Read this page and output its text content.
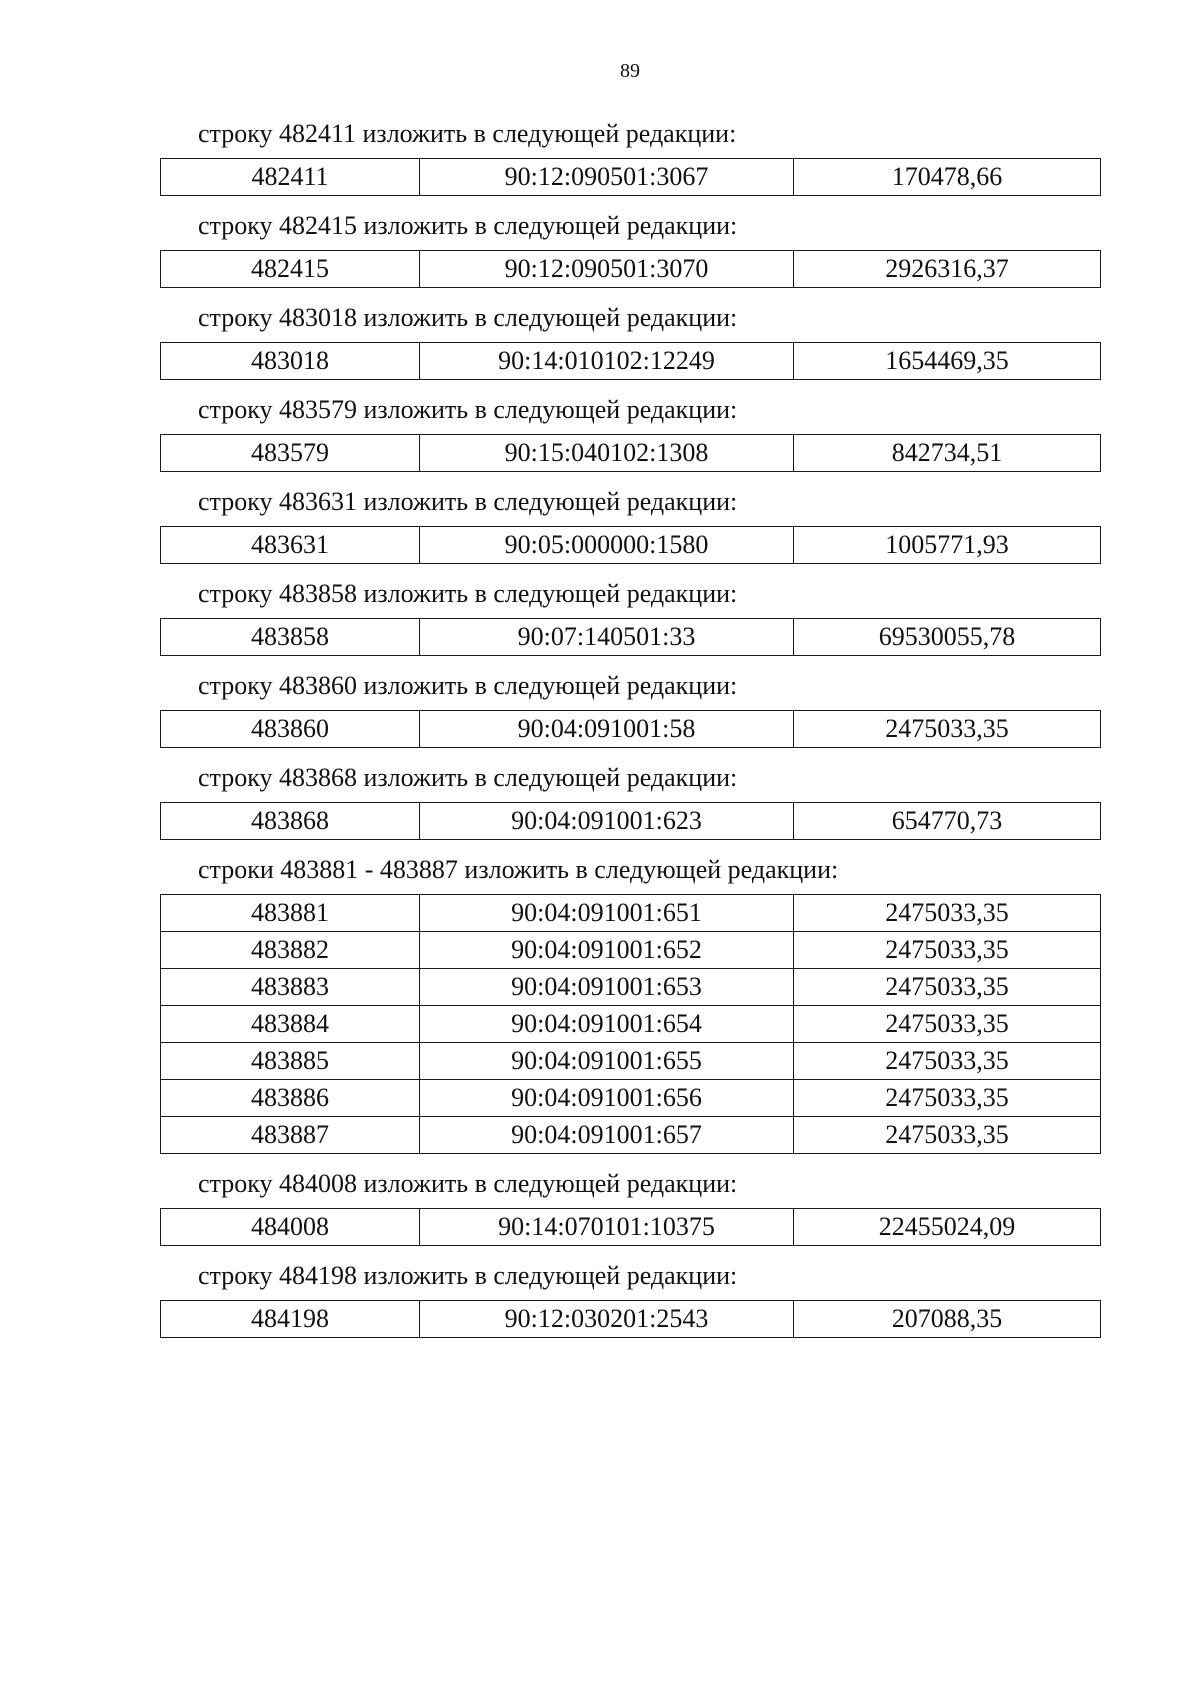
89
строку 482411 изложить в следующей редакции:
482411	90:12:090501:3067	170478,66
строку 482415 изложить в следующей редакции:
482415	90:12:090501:3070	2926316,37
строку 483018 изложить в следующей редакции:
483018	90:14:010102:12249	1654469,35
строку 483579 изложить в следующей редакции:
483579	90:15:040102:1308	842734,51
строку 483631 изложить в следующей редакции:
483631	90:05:000000:1580	1005771,93
строку 483858 изложить в следующей редакции:
483858	90:07:140501:33	69530055,78
строку 483860 изложить в следующей редакции:
483860	90:04:091001:58	2475033,35
строку 483868 изложить в следующей редакции:
483868	90:04:091001:623	654770,73
строки 483881 - 483887 изложить в следующей редакции:
483881	90:04:091001:651	2475033,35
483882	90:04:091001:652	2475033,35
483883	90:04:091001:653	2475033,35
483884	90:04:091001:654	2475033,35
483885	90:04:091001:655	2475033,35
483886	90:04:091001:656	2475033,35
483887	90:04:091001:657	2475033,35
строку 484008 изложить в следующей редакции:
484008	90:14:070101:10375	22455024,09
строку 484198 изложить в следующей редакции:
484198	90:12:030201:2543	207088,35
